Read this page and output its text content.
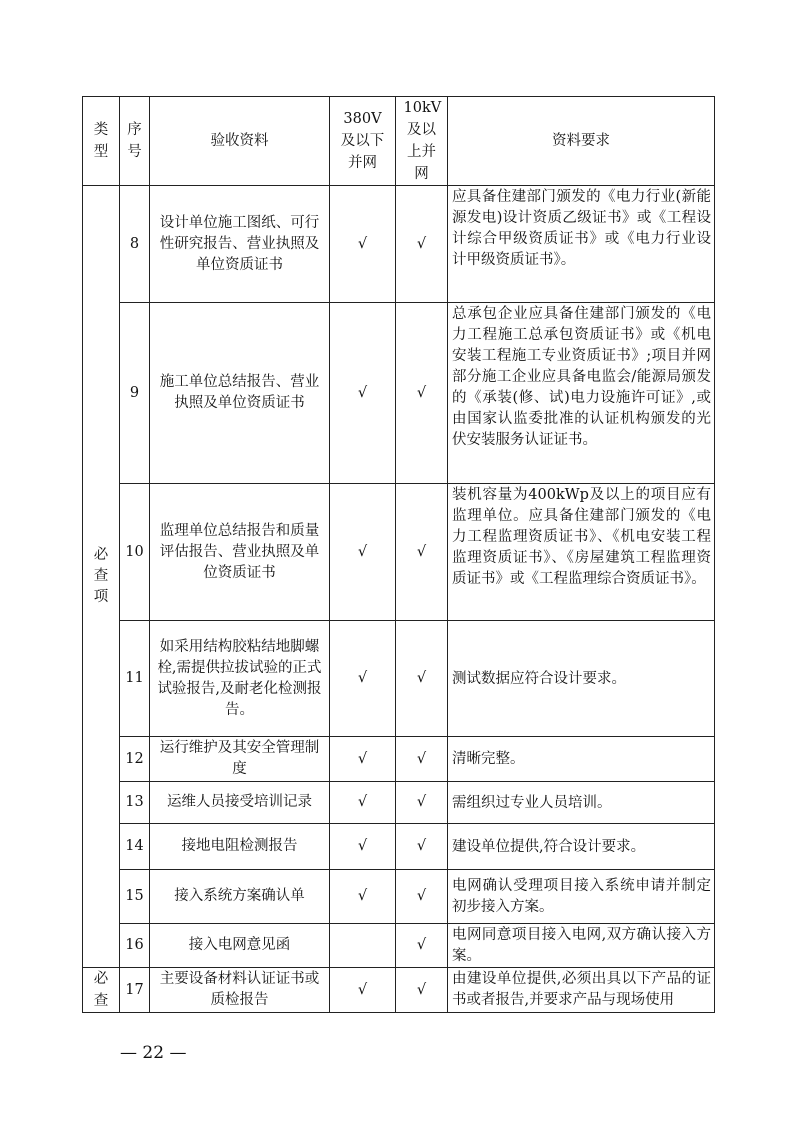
类型	序号	验收资料	380V 及以下并网	10kV及以上并网	资料要求
必查项	8	设计单位施工图纸、可行性研究报告、营业执照及单位资质证书	√	√	应具备住建部门颁发的《电力行业(新能源发电)设计资质乙级证书》或《工程设计综合甲级资质证书》或《电力行业设计甲级资质证书》。
	9	施工单位总结报告、营业执照及单位资质证书	√	√	总承包企业应具备住建部门颁发的《电力工程施工总承包资质证书》或《机电安装工程施工专业资质证书》;项目并网部分施工企业应具备电监会/能源局颁发的《承装(修、试)电力设施许可证》,或由国家认监委批准的认证机构颁发的光伏安装服务认证证书。
	10	监理单位总结报告和质量评估报告、营业执照及单位资质证书	√	√	装机容量为400kWp及以上的项目应有监理单位。应具备住建部门颁发的《电力工程监理资质证书》、《机电安装工程监理资质证书》、《房屋建筑工程监理资质证书》或《工程监理综合资质证书》。
	11	如采用结构胶粘结地脚螺栓,需提供拉拔试验的正式试验报告,及耐老化检测报告。	√	√	测试数据应符合设计要求。
	12	运行维护及其安全管理制度	√	√	清晰完整。
	13	运维人员接受培训记录	√	√	需组织过专业人员培训。
	14	接地电阻检测报告	√	√	建设单位提供,符合设计要求。
	15	接入系统方案确认单	√	√	电网确认受理项目接入系统申请并制定初步接入方案。
	16	接入电网意见函		√	电网同意项目接入电网,双方确认接入方案。
必查	17	主要设备材料认证证书或质检报告	√	√	由建设单位提供,必须出具以下产品的证书或者报告,并要求产品与现场使用
— 22 —
